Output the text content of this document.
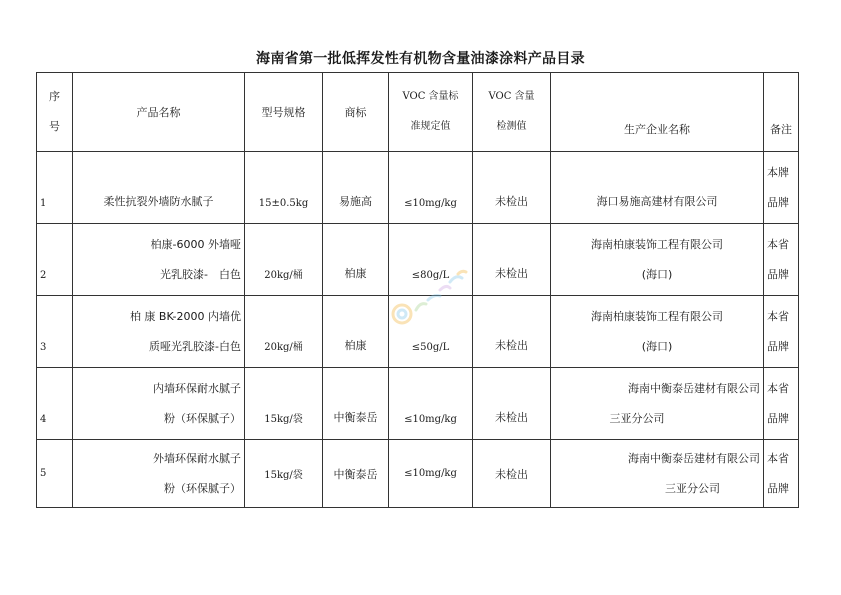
海南省第一批低挥发性有机物含量油漆涂料产品目录
序
号	产品名称	型号规格	商标	VOC 含量标
准规定值	VOC 含量
检测值	生产企业名称	备注
1	柔性抗裂外墙防水腻子	15±0.5kg	易施高	≤10mg/kg	未检出	海口易施高建材有限公司	本牌
品牌

2	柏康-6000 外墙哑
光乳胶漆-　白色	20kg/桶	柏康	≤80g/L	未检出	海南柏康装饰工程有限公司
(海口)	本省
品牌

3	柏 康 BK-2000 内墙优
质哑光乳胶漆-白色	20kg/桶	柏康	≤50g/L	未检出	海南柏康装饰工程有限公司
(海口)	本省
品牌

4	内墙环保耐水腻子
粉（环保腻子）	15kg/袋	中衡泰岳	≤10mg/kg	未检出	海南中衡泰岳建材有限公司
三亚分公司	本省
品牌

5	外墙环保耐水腻子
粉（环保腻子）	15kg/袋	中衡泰岳	≤10mg/kg	未检出	海南中衡泰岳建材有限公司
三亚分公司	本省
品牌
